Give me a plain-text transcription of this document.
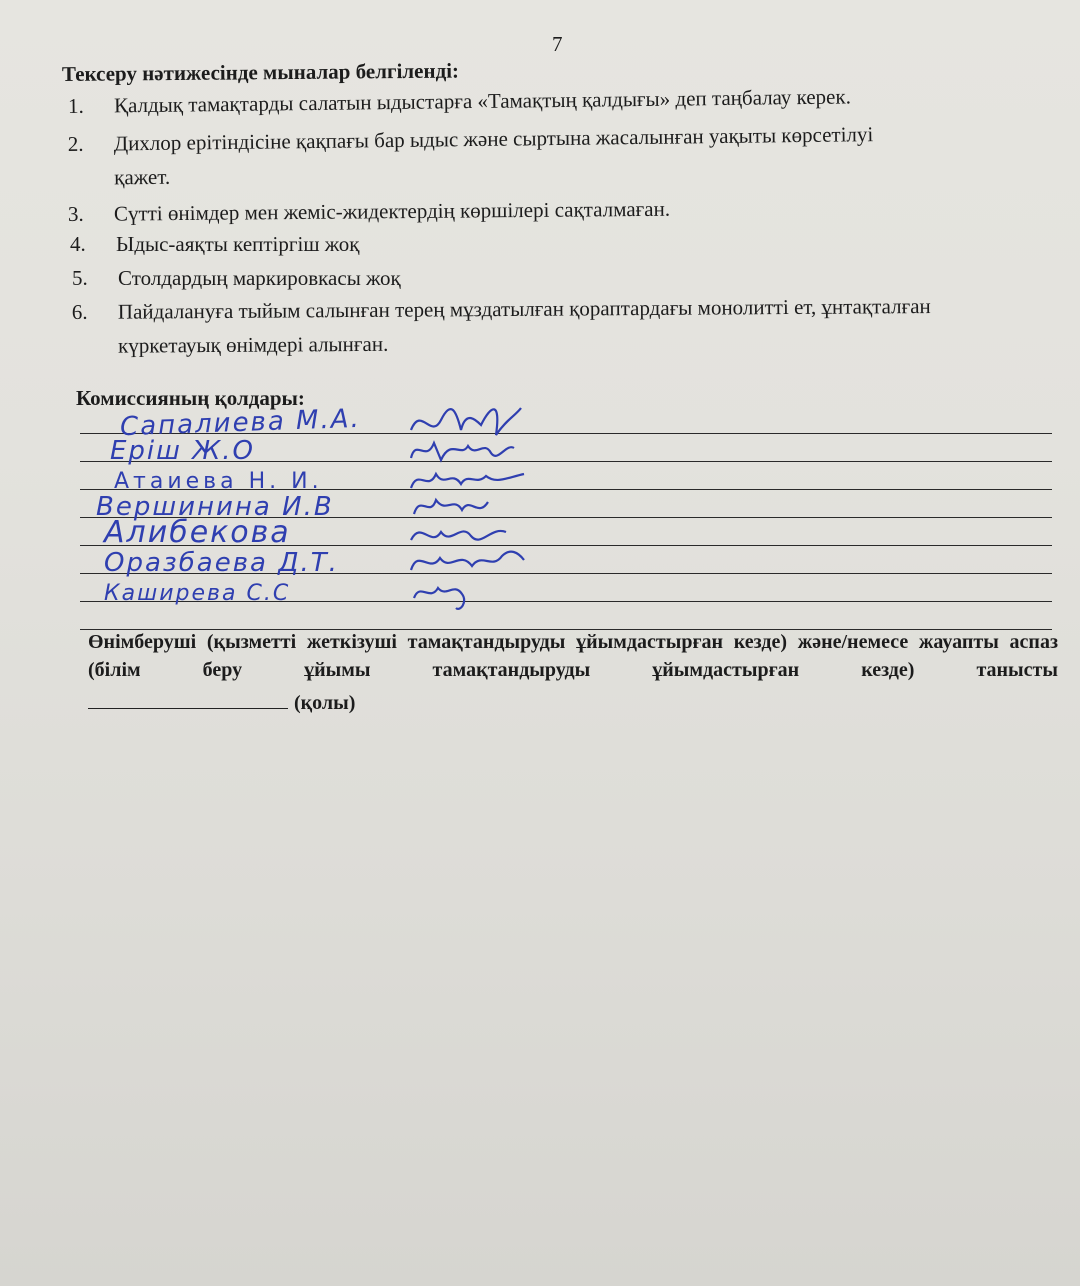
7
Тексеру нәтижесінде мыналар белгіленді:
1. Қалдық тамақтарды салатын ыдыстарға «Тамақтың қалдығы» деп таңбалау керек.
2. Дихлор ерітіндісіне қақпағы бар ыдыс және сыртына жасалынған уақыты көрсетілуі
қажет.
3. Сүтті өнімдер мен жеміс-жидектердің көршілері сақталмаған.
4. Ыдыс-аяқты кептіргіш жоқ
5. Столдардың маркировкасы жоқ
6. Пайдалануға тыйым салынған терең мұздатылған қораптардағы монолитті ет, ұнтақталған
күркетауық өнімдері алынған.
Комиссияның қолдары:
Сапалиева М.А.
Еріш Ж.О
Атаиева Н. И.
Вершинина И.В
Алибекова
Оразбаева Д.Т.
Каширева С.С
Өнімберуші (қызметті жеткізуші тамақтандыруды ұйымдастырған кезде) және/немесе жауапты аспаз (білім беру ұйымы тамақтандыруды ұйымдастырған кезде) танысты
(қолы)
